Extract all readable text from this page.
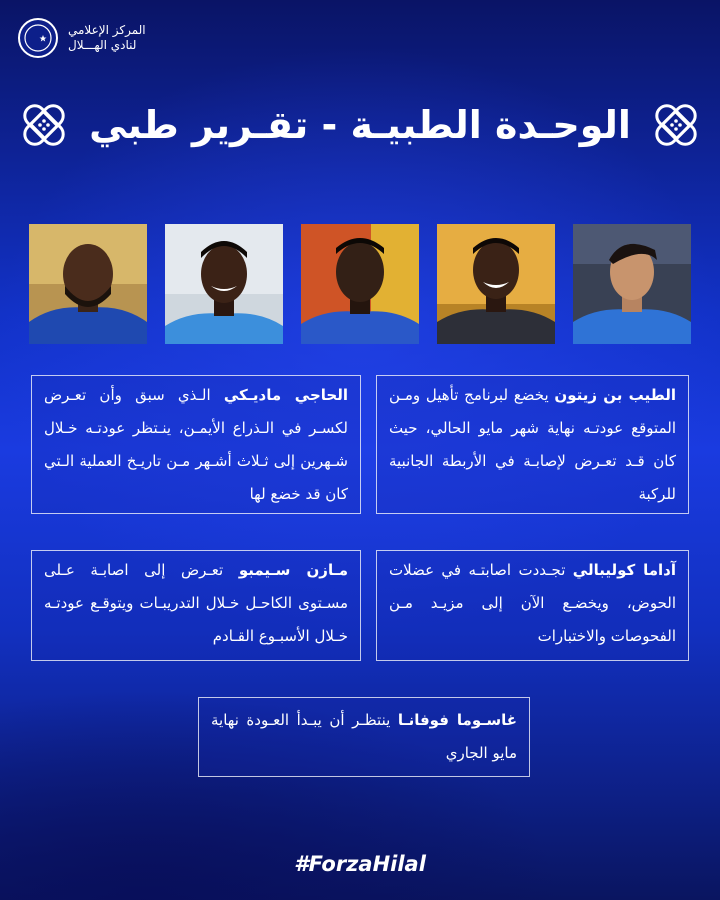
المركز الإعلامي
لنادي الهـــلال
الوحـدة الطبيـة - تقـرير طبي
الطيب بن زيتون يخضع لبرنامج تأهيل ومـن المتوقع عودتـه نهاية شهر مايو الحالي، حيث كان قـد تعـرض لإصابـة في الأربطة الجانبية للركبة
الحاجي ماديـكي الـذي سبق وأن تعـرض لكسـر في الـذراع الأيمـن، ينـتظر عودتـه خـلال شـهرين إلى ثـلاث أشـهر مـن تاريـخ العملية الـتي كان قد خضع لها
آداما كوليبالي تجـددت اصابتـه في عضلات الحوض، ويخضـع الآن إلى مزيـد مـن الفحوصات والاختبارات
مـازن سـيمبو تعـرض إلى اصابـة عـلى مسـتوى الكاحـل خـلال التدريبـات ويتوقـع عودتـه خـلال الأسبـوع القـادم
غاسـوما فوفانـا ينتظـر أن يبـدأ العـودة نهاية مايو الجاري
#ForzaHilal
